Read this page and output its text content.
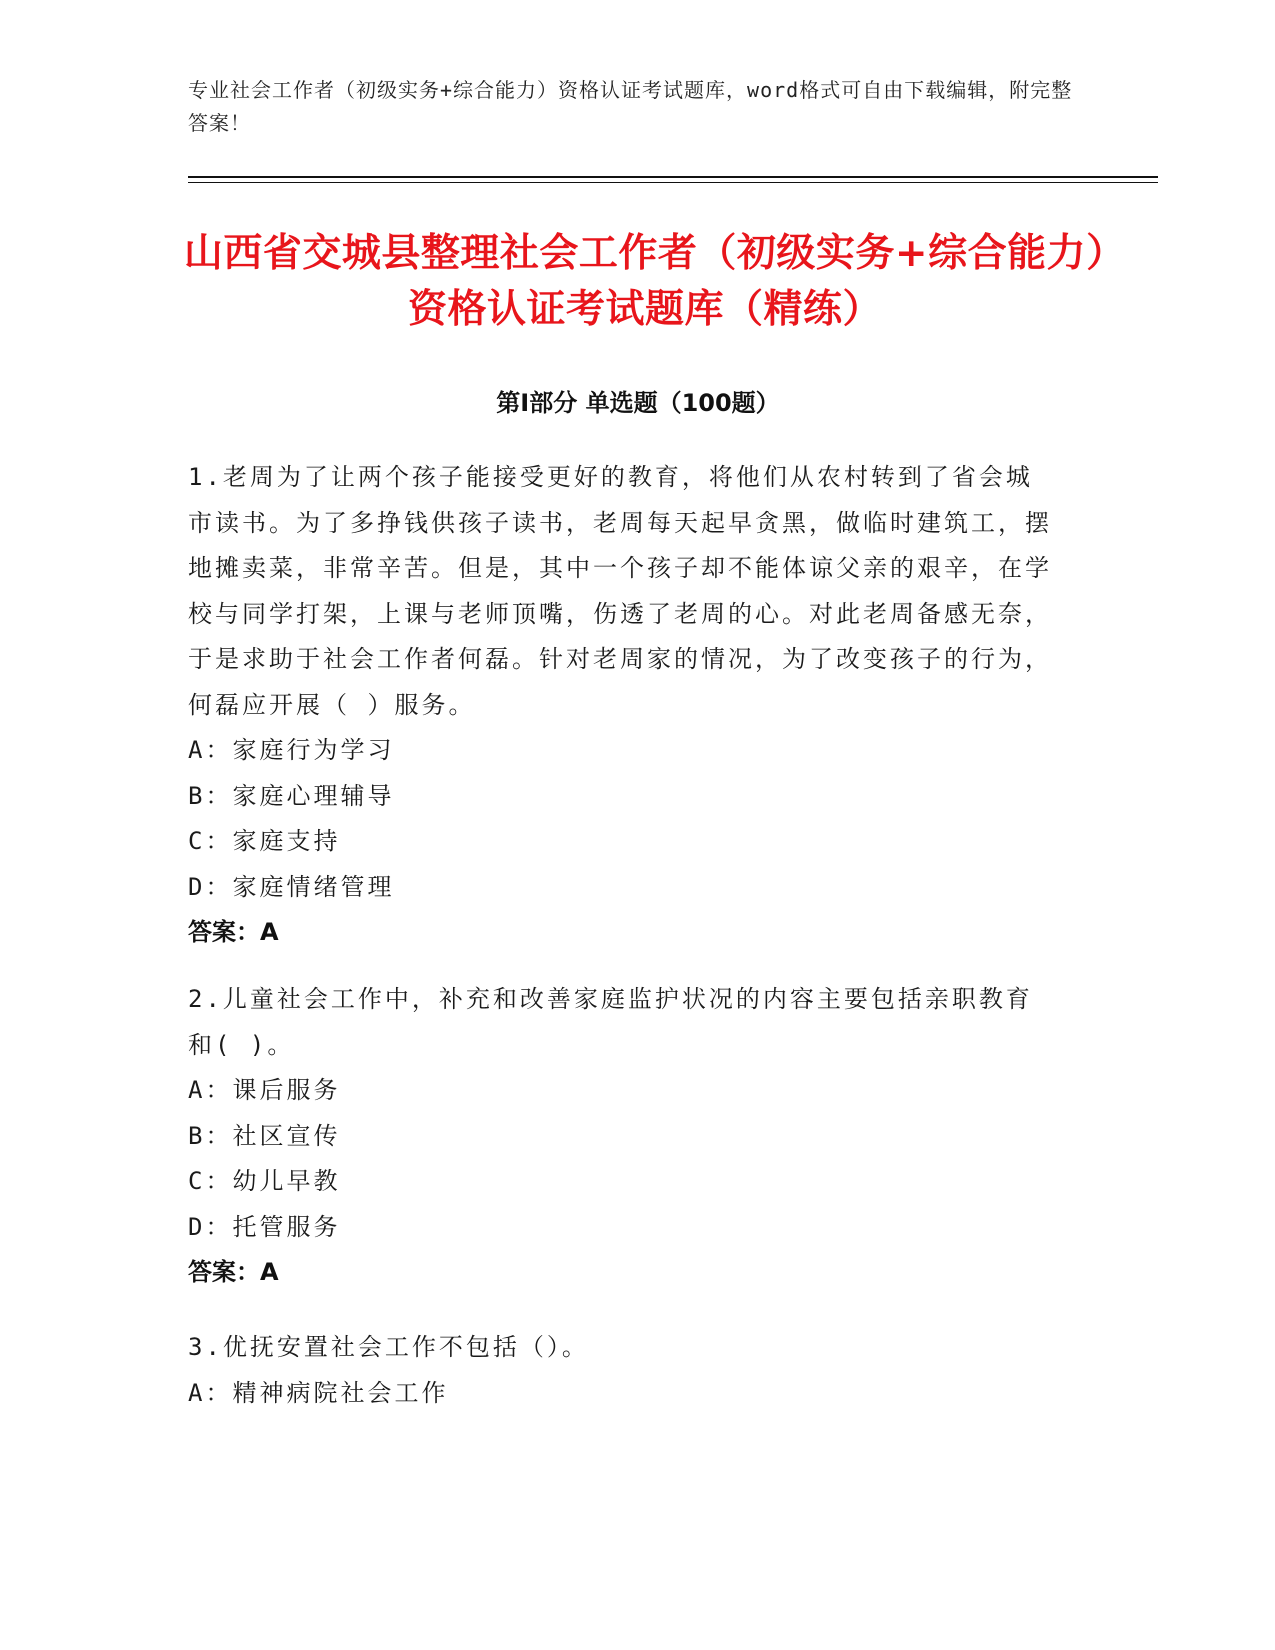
专业社会工作者（初级实务+综合能力）资格认证考试题库，word格式可自由下载编辑，附完整答案！
山西省交城县整理社会工作者（初级实务+综合能力）资格认证考试题库（精练）
第Ⅰ部分 单选题（100题）
1.老周为了让两个孩子能接受更好的教育，将他们从农村转到了省会城市读书。为了多挣钱供孩子读书，老周每天起早贪黑，做临时建筑工，摆地摊卖菜，非常辛苦。但是，其中一个孩子却不能体谅父亲的艰辛，在学校与同学打架，上课与老师顶嘴，伤透了老周的心。对此老周备感无奈，于是求助于社会工作者何磊。针对老周家的情况，为了改变孩子的行为，何磊应开展（ ）服务。
A：家庭行为学习
B：家庭心理辅导
C：家庭支持
D：家庭情绪管理
答案：A
2.儿童社会工作中，补充和改善家庭监护状况的内容主要包括亲职教育和( )。
A：课后服务
B：社区宣传
C：幼儿早教
D：托管服务
答案：A
3.优抚安置社会工作不包括（）。
A：精神病院社会工作
